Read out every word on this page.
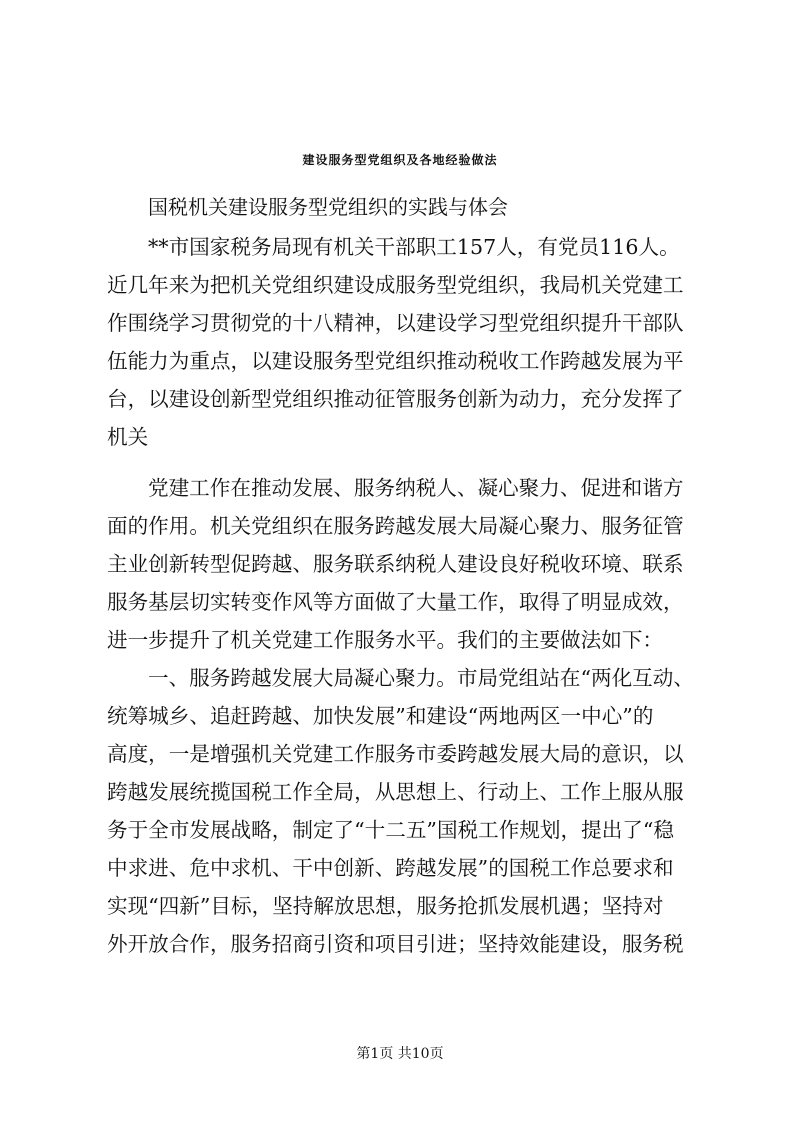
建设服务型党组织及各地经验做法
国税机关建设服务型党组织的实践与体会
**市国家税务局现有机关干部职工157人，有党员116人。
近几年来为把机关党组织建设成服务型党组织，我局机关党建工
作围绕学习贯彻党的十八精神，以建设学习型党组织提升干部队
伍能力为重点，以建设服务型党组织推动税收工作跨越发展为平
台，以建设创新型党组织推动征管服务创新为动力，充分发挥了
机关
党建工作在推动发展、服务纳税人、凝心聚力、促进和谐方
面的作用。机关党组织在服务跨越发展大局凝心聚力、服务征管
主业创新转型促跨越、服务联系纳税人建设良好税收环境、联系
服务基层切实转变作风等方面做了大量工作，取得了明显成效，
进一步提升了机关党建工作服务水平。我们的主要做法如下：
一、服务跨越发展大局凝心聚力。市局党组站在“两化互动、
统筹城乡、追赶跨越、加快发展”和建设“两地两区一中心”的
高度，一是增强机关党建工作服务市委跨越发展大局的意识，以
跨越发展统揽国税工作全局，从思想上、行动上、工作上服从服
务于全市发展战略，制定了“十二五”国税工作规划，提出了“稳
中求进、危中求机、干中创新、跨越发展”的国税工作总要求和
实现“四新”目标，坚持解放思想，服务抢抓发展机遇；坚持对
外开放合作，服务招商引资和项目引进；坚持效能建设，服务税
第1页 共10页
